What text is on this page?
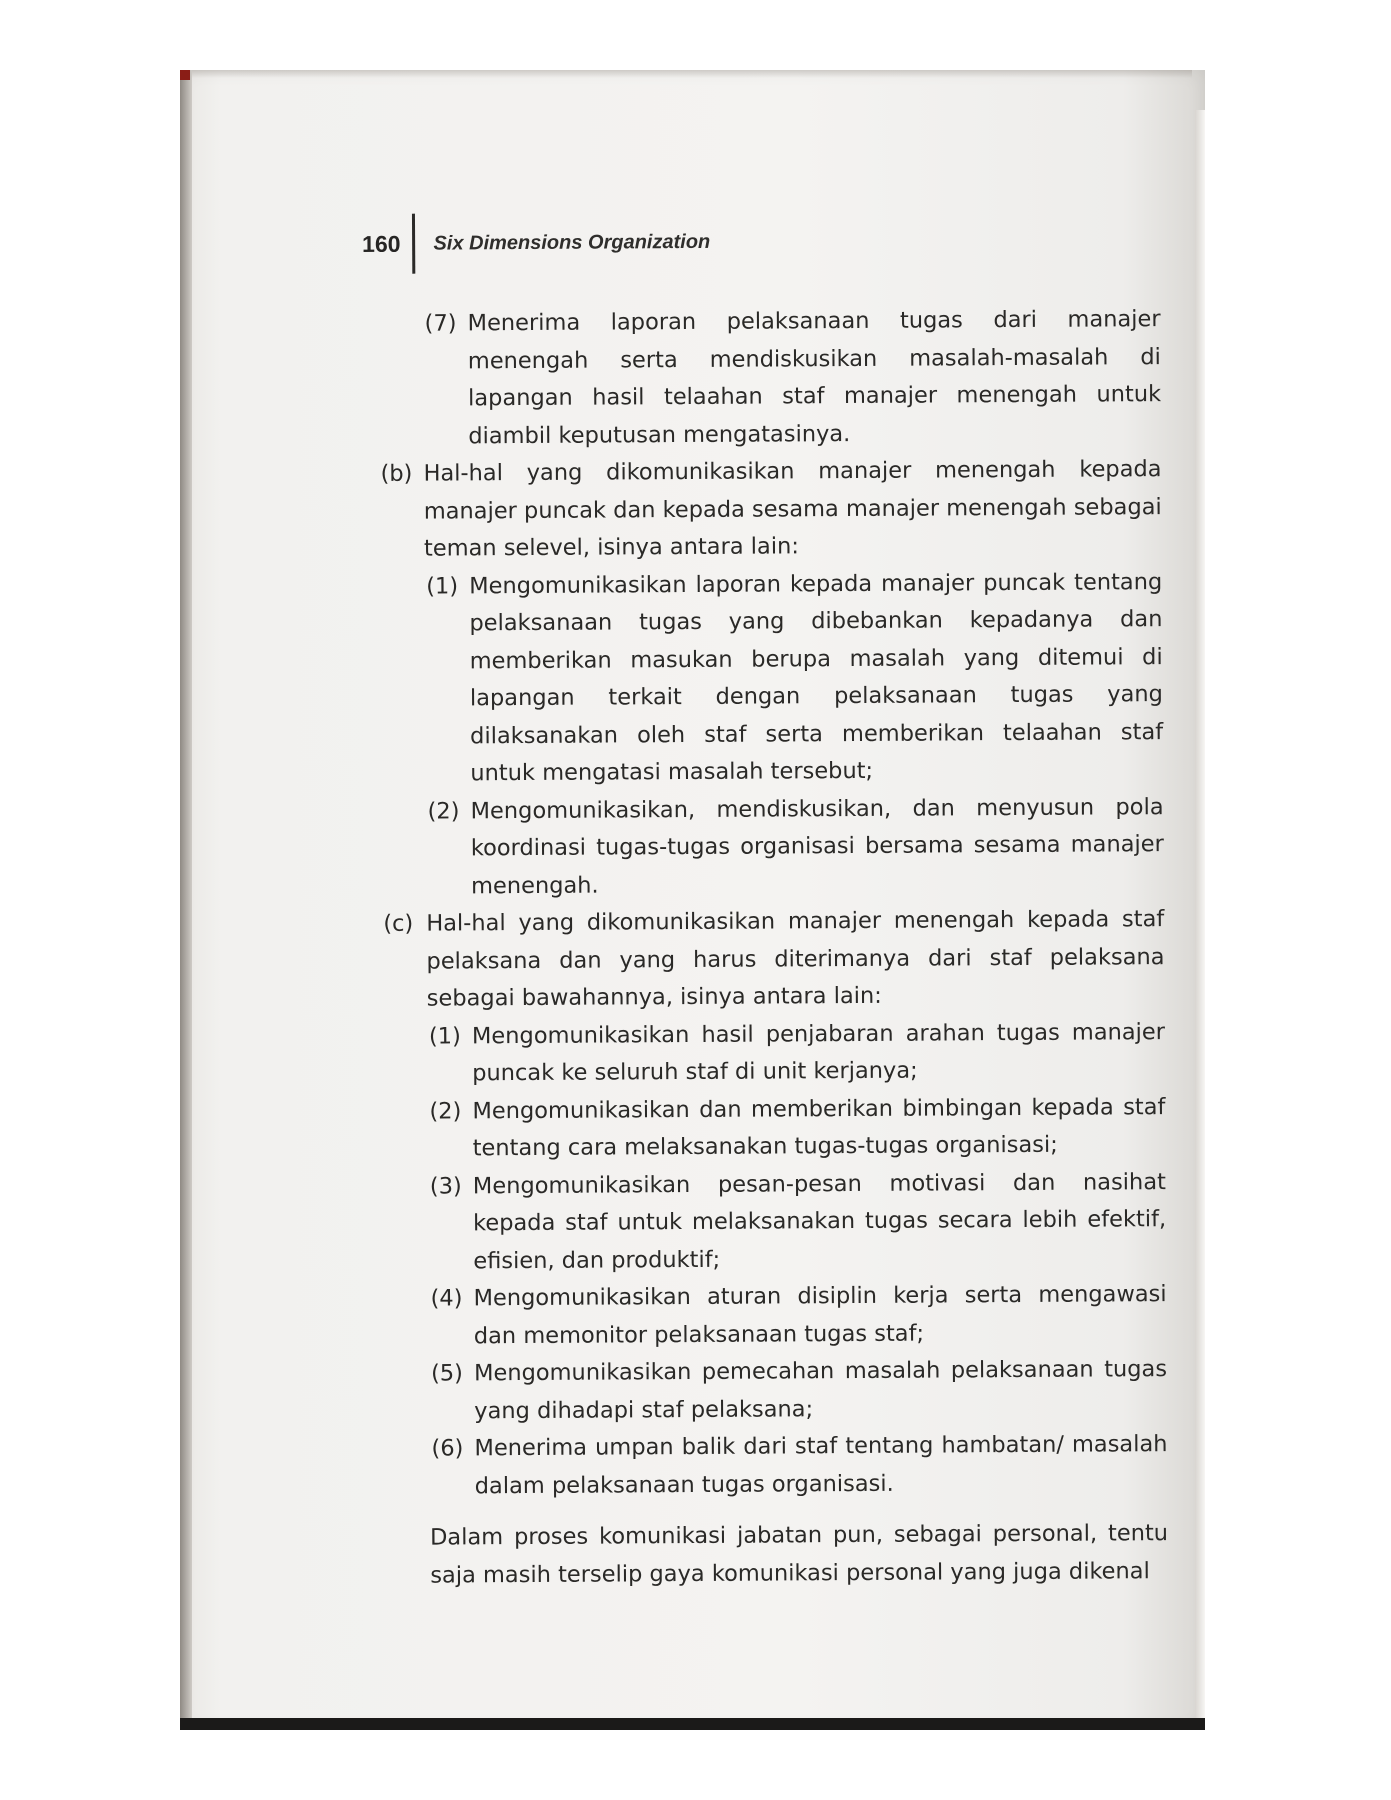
160 Six Dimensions Organization
(7) Menerima laporan pelaksanaan tugas dari manajer menengah serta mendiskusikan masalah-masalah di lapangan hasil telaahan staf manajer menengah untuk diambil keputusan mengatasinya.
(b) Hal-hal yang dikomunikasikan manajer menengah kepada manajer puncak dan kepada sesama manajer menengah sebagai teman selevel, isinya antara lain:
(1) Mengomunikasikan laporan kepada manajer puncak tentang pelaksanaan tugas yang dibebankan kepadanya dan memberikan masukan berupa masalah yang ditemui di lapangan terkait dengan pelaksanaan tugas yang dilaksanakan oleh staf serta memberikan telaahan staf untuk mengatasi masalah tersebut;
(2) Mengomunikasikan, mendiskusikan, dan menyusun pola koordinasi tugas-tugas organisasi bersama sesama manajer menengah.
(c) Hal-hal yang dikomunikasikan manajer menengah kepada staf pelaksana dan yang harus diterimanya dari staf pelaksana sebagai bawahannya, isinya antara lain:
(1) Mengomunikasikan hasil penjabaran arahan tugas manajer puncak ke seluruh staf di unit kerjanya;
(2) Mengomunikasikan dan memberikan bimbingan kepada staf tentang cara melaksanakan tugas-tugas organisasi;
(3) Mengomunikasikan pesan-pesan motivasi dan nasihat kepada staf untuk melaksanakan tugas secara lebih efektif, efisien, dan produktif;
(4) Mengomunikasikan aturan disiplin kerja serta mengawasi dan memonitor pelaksanaan tugas staf;
(5) Mengomunikasikan pemecahan masalah pelaksanaan tugas yang dihadapi staf pelaksana;
(6) Menerima umpan balik dari staf tentang hambatan/ masalah dalam pelaksanaan tugas organisasi.

Dalam proses komunikasi jabatan pun, sebagai personal, tentu saja masih terselip gaya komunikasi personal yang juga dikenal
